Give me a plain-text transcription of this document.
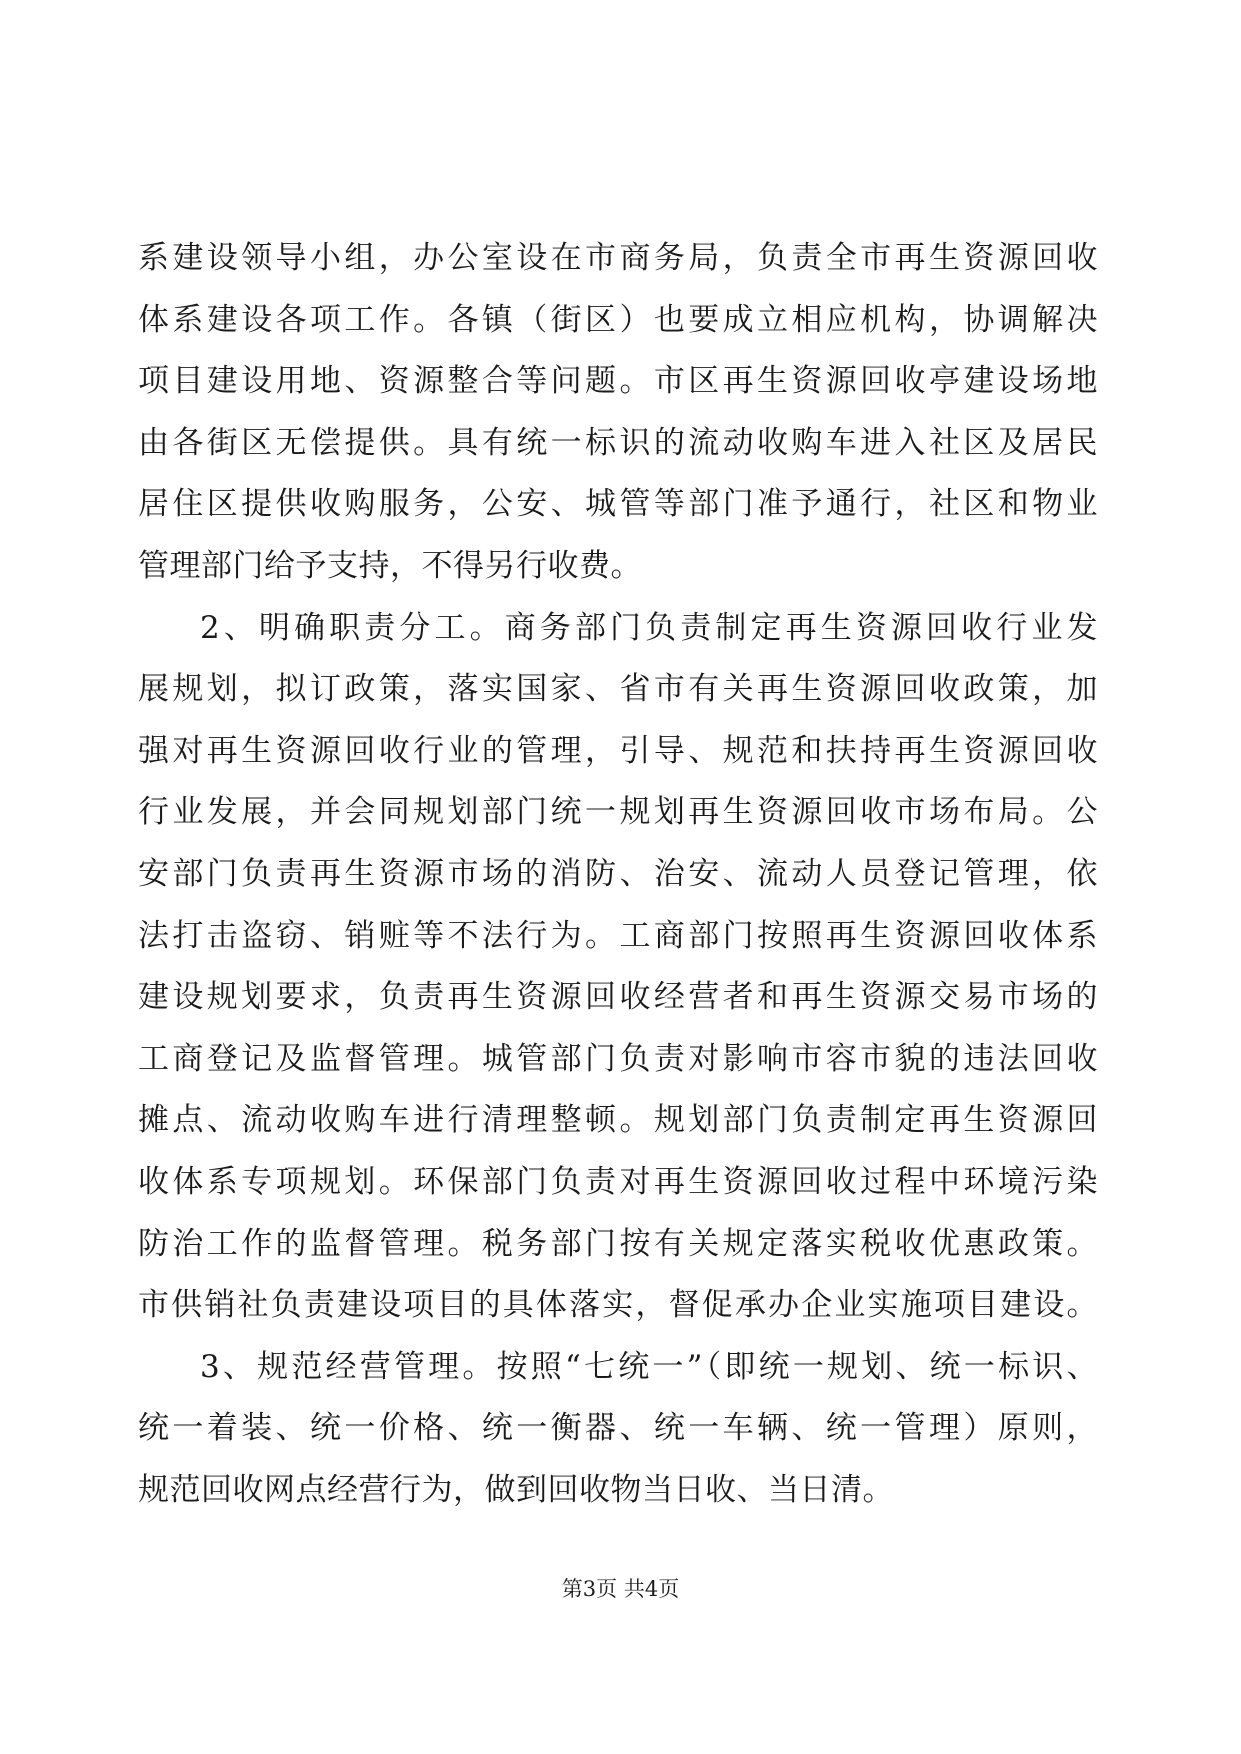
系建设领导小组，办公室设在市商务局，负责全市再生资源回收
体系建设各项工作。各镇（街区）也要成立相应机构，协调解决
项目建设用地、资源整合等问题。市区再生资源回收亭建设场地
由各街区无偿提供。具有统一标识的流动收购车进入社区及居民
居住区提供收购服务，公安、城管等部门准予通行，社区和物业
管理部门给予支持，不得另行收费。
2、明确职责分工。商务部门负责制定再生资源回收行业发
展规划，拟订政策，落实国家、省市有关再生资源回收政策，加
强对再生资源回收行业的管理，引导、规范和扶持再生资源回收
行业发展，并会同规划部门统一规划再生资源回收市场布局。公
安部门负责再生资源市场的消防、治安、流动人员登记管理，依
法打击盗窃、销赃等不法行为。工商部门按照再生资源回收体系
建设规划要求，负责再生资源回收经营者和再生资源交易市场的
工商登记及监督管理。城管部门负责对影响市容市貌的违法回收
摊点、流动收购车进行清理整顿。规划部门负责制定再生资源回
收体系专项规划。环保部门负责对再生资源回收过程中环境污染
防治工作的监督管理。税务部门按有关规定落实税收优惠政策。
市供销社负责建设项目的具体落实，督促承办企业实施项目建设。
3、规范经营管理。按照“七统一”（即统一规划、统一标识、
统一着装、统一价格、统一衡器、统一车辆、统一管理）原则，
规范回收网点经营行为，做到回收物当日收、当日清。
第3页 共4页
